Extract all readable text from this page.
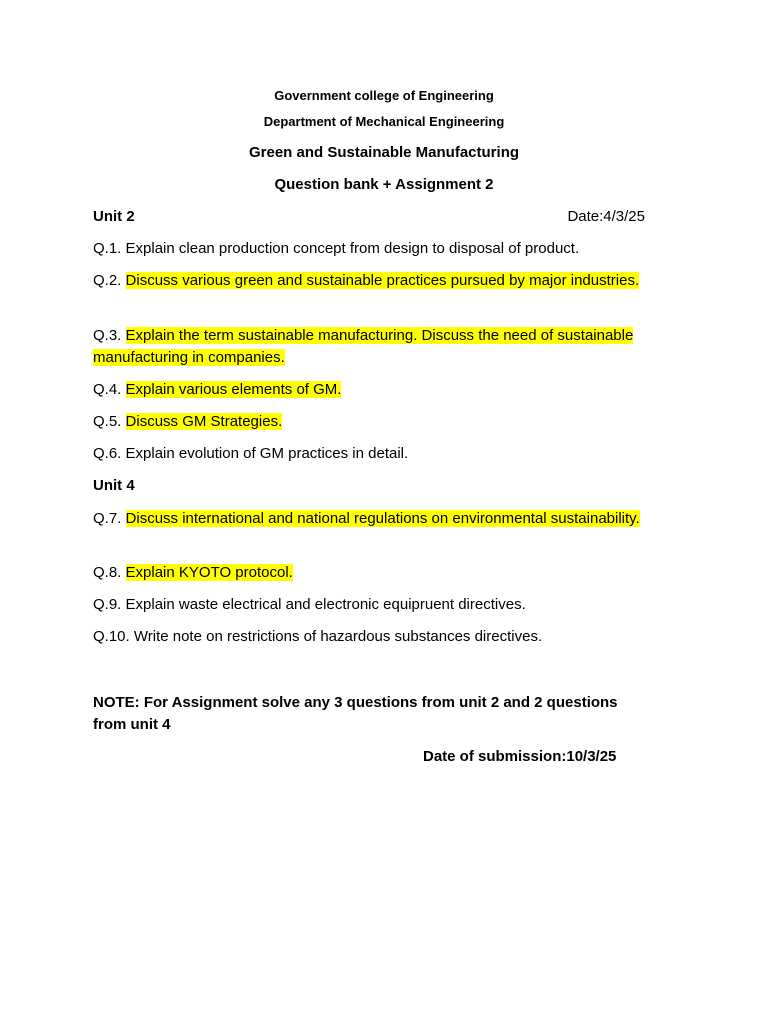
Government college of Engineering
Department of Mechanical Engineering
Green and Sustainable Manufacturing
Question bank + Assignment 2
Unit 2	Date:4/3/25
Q.1. Explain clean production concept from design to disposal of product.
Q.2. Discuss various green and sustainable practices pursued by major industries.
Q.3. Explain the term sustainable manufacturing. Discuss the need of sustainable manufacturing in companies.
Q.4. Explain various elements of GM.
Q.5. Discuss GM Strategies.
Q.6. Explain evolution of GM practices in detail.
Unit 4
Q.7. Discuss international and national regulations on environmental sustainability.
Q.8. Explain KYOTO protocol.
Q.9. Explain waste electrical and electronic equipruent directives.
Q.10. Write note on restrictions of hazardous substances directives.
NOTE: For Assignment solve any 3 questions from unit 2 and 2 questions from unit 4
Date of submission:10/3/25
